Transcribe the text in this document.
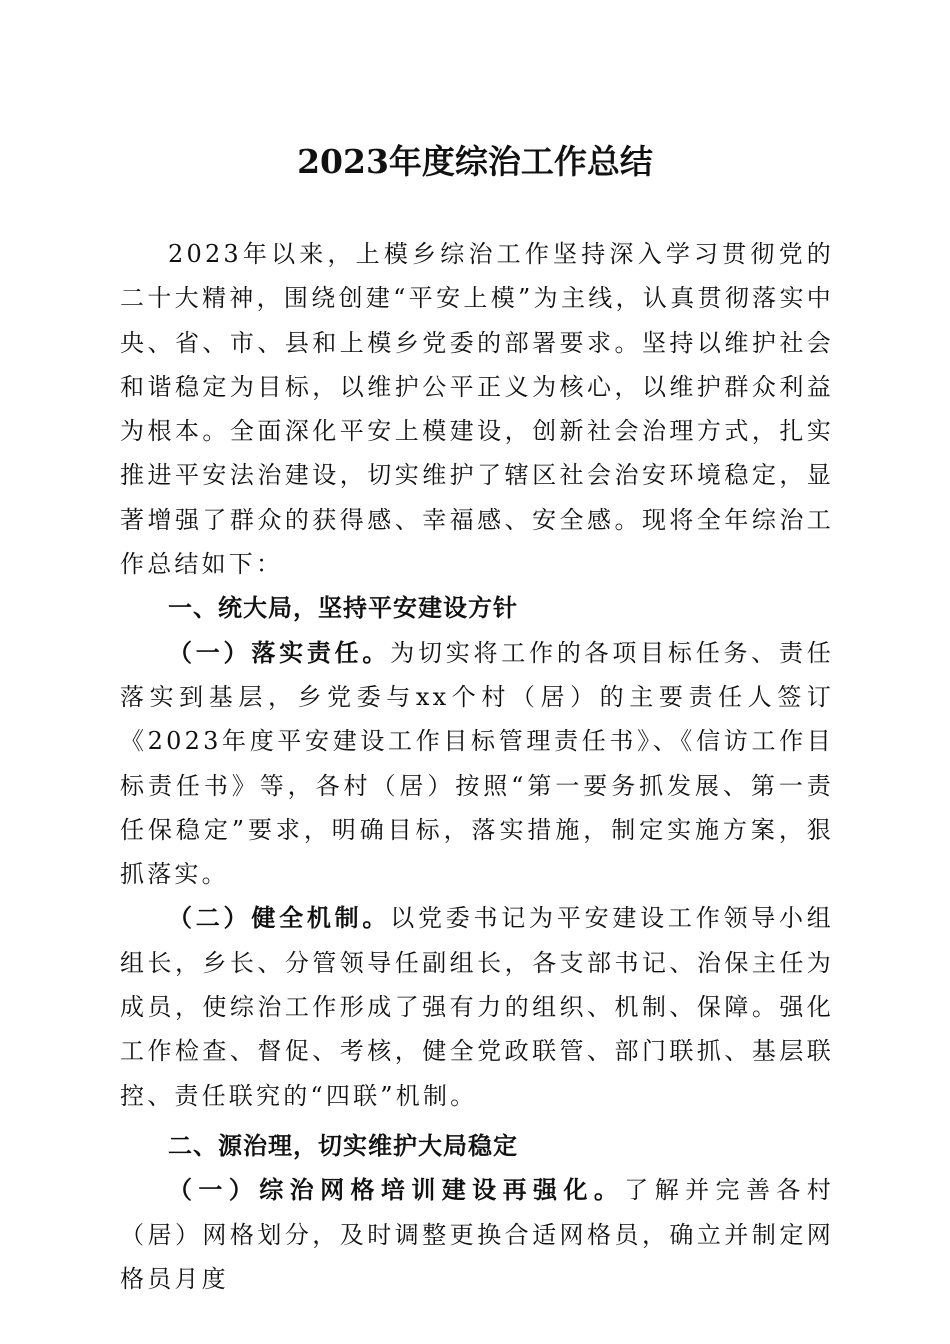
2023年度综治工作总结

2023年以来，上模乡综治工作坚持深入学习贯彻党的二十大精神，围绕创建“平安上模”为主线，认真贯彻落实中央、省、市、县和上模乡党委的部署要求。坚持以维护社会和谐稳定为目标，以维护公平正义为核心，以维护群众利益为根本。全面深化平安上模建设，创新社会治理方式，扎实推进平安法治建设，切实维护了辖区社会治安环境稳定，显著增强了群众的获得感、幸福感、安全感。现将全年综治工作总结如下：

一、统大局，坚持平安建设方针

（一）落实责任。为切实将工作的各项目标任务、责任落实到基层，乡党委与xx个村（居）的主要责任人签订《2023年度平安建设工作目标管理责任书》、《信访工作目标责任书》等，各村（居）按照“第一要务抓发展、第一责任保稳定”要求，明确目标，落实措施，制定实施方案，狠抓落实。

（二）健全机制。以党委书记为平安建设工作领导小组组长，乡长、分管领导任副组长，各支部书记、治保主任为成员，使综治工作形成了强有力的组织、机制、保障。强化工作检查、督促、考核，健全党政联管、部门联抓、基层联控、责任联究的“四联”机制。

二、源治理，切实维护大局稳定

（一）综治网格培训建设再强化。了解并完善各村（居）网格划分，及时调整更换合适网格员，确立并制定网格员月度
